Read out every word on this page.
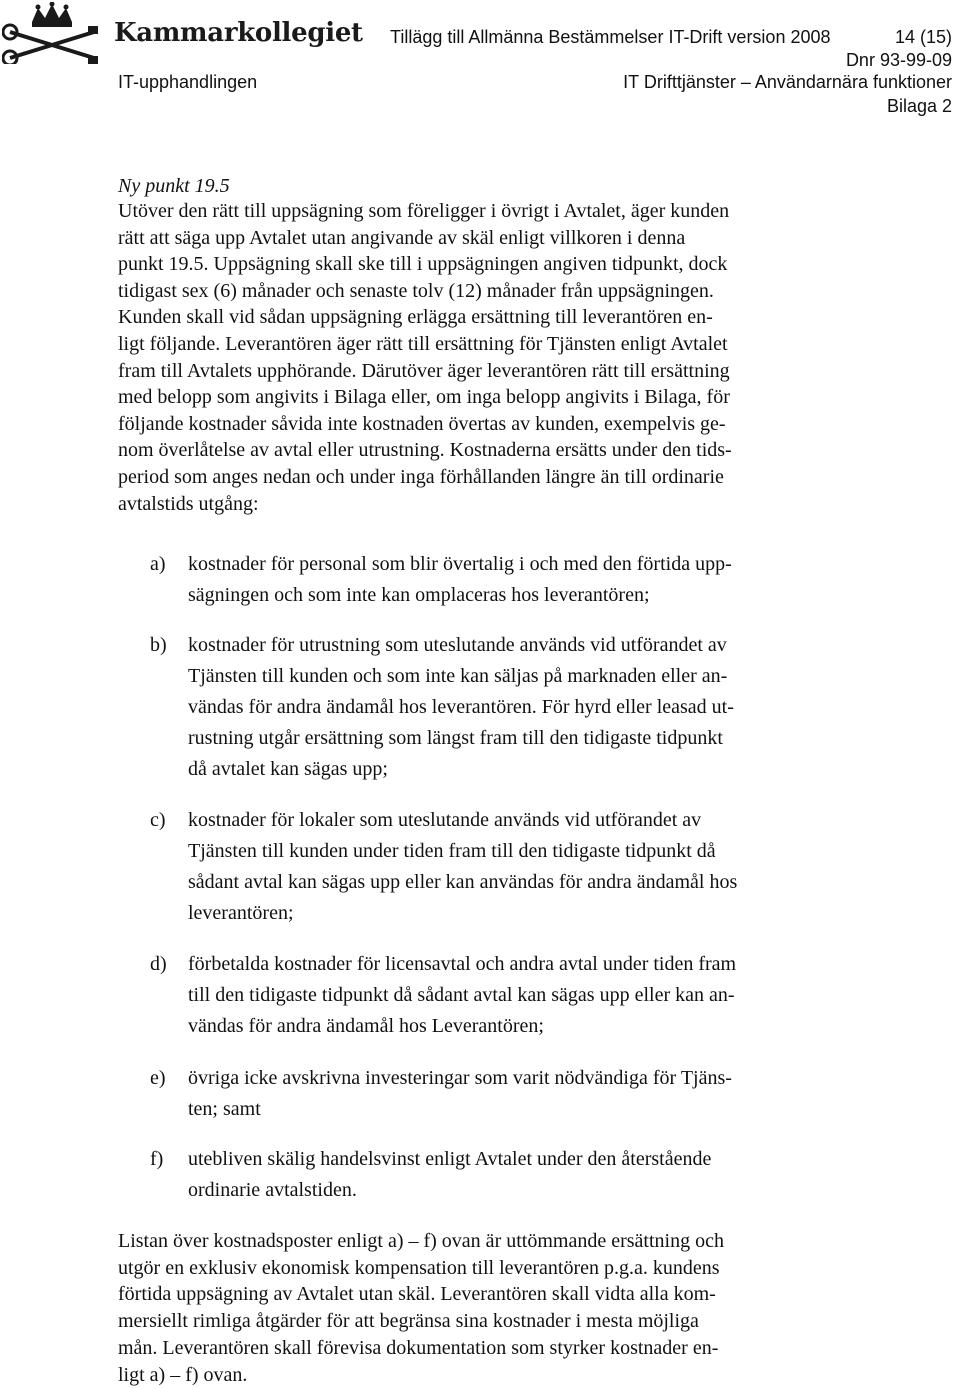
Kammarkollegiet Tillägg till Allmänna Bestämmelser IT-Drift version 2008	14 (15)
Dnr 93-99-09
IT-upphandlingen	IT Drifttjänster – Användarnära funktioner
Bilaga 2
Ny punkt 19.5
Utöver den rätt till uppsägning som föreligger i övrigt i Avtalet, äger kunden
rätt att säga upp Avtalet utan angivande av skäl enligt villkoren i denna
punkt 19.5. Uppsägning skall ske till i uppsägningen angiven tidpunkt, dock
tidigast sex (6) månader och senaste tolv (12) månader från uppsägningen.
Kunden skall vid sådan uppsägning erlägga ersättning till leverantören en-
ligt följande. Leverantören äger rätt till ersättning för Tjänsten enligt Avtalet
fram till Avtalets upphörande. Därutöver äger leverantören rätt till ersättning
med belopp som angivits i Bilaga eller, om inga belopp angivits i Bilaga, för
följande kostnader såvida inte kostnaden övertas av kunden, exempelvis ge-
nom överlåtelse av avtal eller utrustning. Kostnaderna ersätts under den tids-
period som anges nedan och under inga förhållanden längre än till ordinarie
avtalstids utgång:
a) kostnader för personal som blir övertalig i och med den förtida upp-
sägningen och som inte kan omplaceras hos leverantören;
b) kostnader för utrustning som uteslutande används vid utförandet av
Tjänsten till kunden och som inte kan säljas på marknaden eller an-
vändas för andra ändamål hos leverantören. För hyrd eller leasad ut-
rustning utgår ersättning som längst fram till den tidigaste tidpunkt
då avtalet kan sägas upp;
c) kostnader för lokaler som uteslutande används vid utförandet av
Tjänsten till kunden under tiden fram till den tidigaste tidpunkt då
sådant avtal kan sägas upp eller kan användas för andra ändamål hos
leverantören;
d) förbetalda kostnader för licensavtal och andra avtal under tiden fram
till den tidigaste tidpunkt då sådant avtal kan sägas upp eller kan an-
vändas för andra ändamål hos Leverantören;
e) övriga icke avskrivna investeringar som varit nödvändiga för Tjäns-
ten; samt
f) utebliven skälig handelsvinst enligt Avtalet under den återstående
ordinarie avtalstiden.
Listan över kostnadsposter enligt a) – f) ovan är uttömmande ersättning och
utgör en exklusiv ekonomisk kompensation till leverantören p.g.a. kundens
förtida uppsägning av Avtalet utan skäl. Leverantören skall vidta alla kom-
mersiellt rimliga åtgärder för att begränsa sina kostnader i mesta möjliga
mån. Leverantören skall förevisa dokumentation som styrker kostnader en-
ligt a) – f) ovan.
